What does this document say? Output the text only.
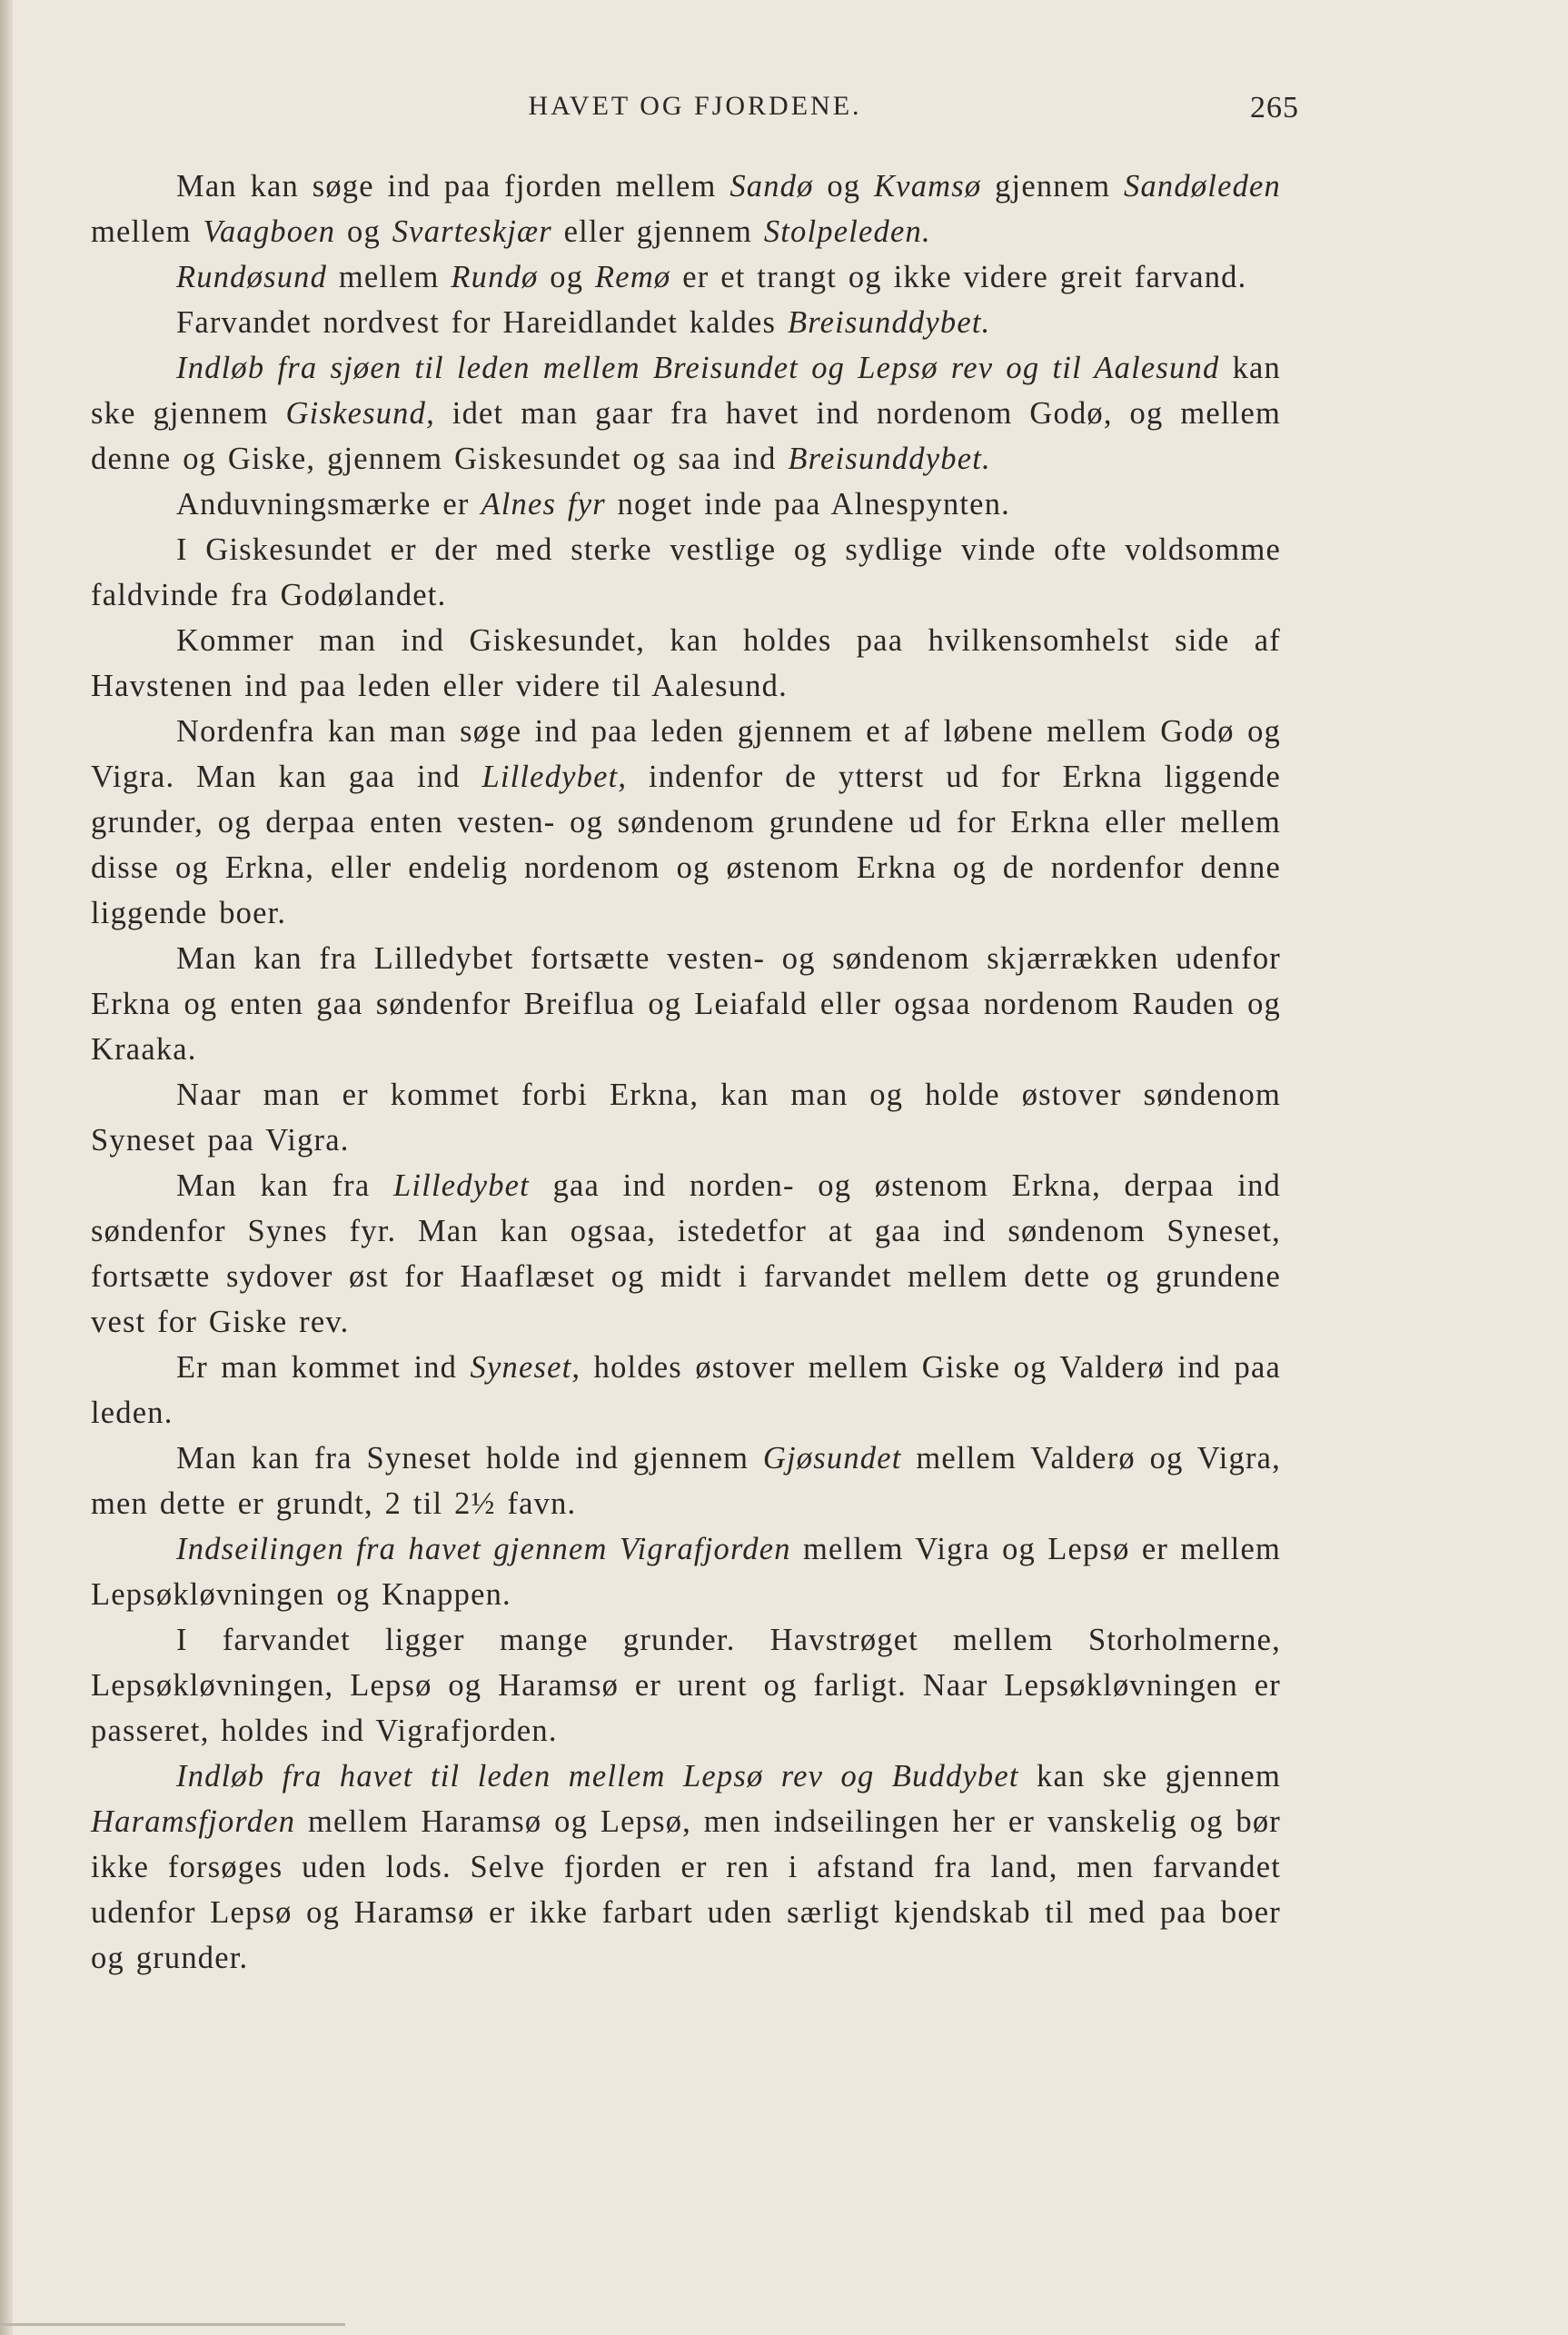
HAVET OG FJORDENE.	265

Man kan søge ind paa fjorden mellem Sandø og Kvamsø gjennem Sandøleden mellem Vaagboen og Svarteskjær eller gjennem Stolpeleden.

Rundøsund mellem Rundø og Remø er et trangt og ikke videre greit farvand.

Farvandet nordvest for Hareidlandet kaldes Breisunddybet.

Indløb fra sjøen til leden mellem Breisundet og Lepsø rev og til Aalesund kan ske gjennem Giskesund, idet man gaar fra havet ind nordenom Godø, og mellem denne og Giske, gjennem Giskesundet og saa ind Breisunddybet.

Anduvningsmærke er Alnes fyr noget inde paa Alnespynten.

I Giskesundet er der med sterke vestlige og sydlige vinde ofte voldsomme faldvinde fra Godølandet.

Kommer man ind Giskesundet, kan holdes paa hvilkensomhelst side af Havstenen ind paa leden eller videre til Aalesund.

Nordenfra kan man søge ind paa leden gjennem et af løbene mellem Godø og Vigra. Man kan gaa ind Lilledybet, indenfor de ytterst ud for Erkna liggende grunder, og derpaa enten vesten- og søndenom grundene ud for Erkna eller mellem disse og Erkna, eller endelig nordenom og østenom Erkna og de nordenfor denne liggende boer.

Man kan fra Lilledybet fortsætte vesten- og søndenom skjærrækken udenfor Erkna og enten gaa søndenfor Breiflua og Leiafald eller ogsaa nordenom Rauden og Kraaka.

Naar man er kommet forbi Erkna, kan man og holde østover søndenom Syneset paa Vigra.

Man kan fra Lilledybet gaa ind norden- og østenom Erkna, derpaa ind søndenfor Synes fyr. Man kan ogsaa, istedetfor at gaa ind søndenom Syneset, fortsætte sydover øst for Haaflæset og midt i farvandet mellem dette og grundene vest for Giske rev.

Er man kommet ind Syneset, holdes østover mellem Giske og Valderø ind paa leden.

Man kan fra Syneset holde ind gjennem Gjøsundet mellem Valderø og Vigra, men dette er grundt, 2 til 2½ favn.

Indseilingen fra havet gjennem Vigrafjorden mellem Vigra og Lepsø er mellem Lepsøkløvningen og Knappen.

I farvandet ligger mange grunder. Havstrøget mellem Storholmerne, Lepsøkløvningen, Lepsø og Haramsø er urent og farligt. Naar Lepsøkløvningen er passeret, holdes ind Vigrafjorden.

Indløb fra havet til leden mellem Lepsø rev og Buddybet kan ske gjennem Haramsfjorden mellem Haramsø og Lepsø, men indseilingen her er vanskelig og bør ikke forsøges uden lods. Selve fjorden er ren i afstand fra land, men farvandet udenfor Lepsø og Haramsø er ikke farbart uden særligt kjendskab til med paa boer og grunder.
